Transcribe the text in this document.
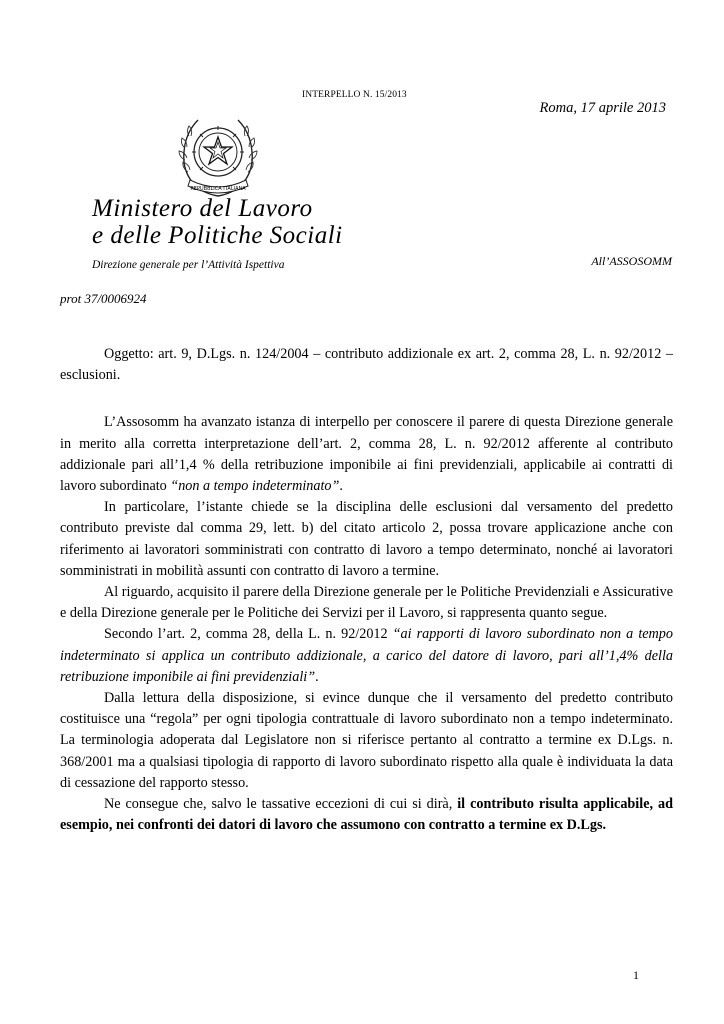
INTERPELLO N. 15/2013
Roma, 17 aprile 2013
REPUBBLICA ITALIANA
Ministero del Lavoro
e delle Politiche Sociali
Direzione generale per l’Attività Ispettiva	All’ASSOSOMM
prot 37/0006924

Oggetto: art. 9, D.Lgs. n. 124/2004 – contributo addizionale ex art. 2, comma 28, L. n. 92/2012 – esclusioni.

L’Assosomm ha avanzato istanza di interpello per conoscere il parere di questa Direzione generale in merito alla corretta interpretazione dell’art. 2, comma 28, L. n. 92/2012 afferente al contributo addizionale pari all’1,4 % della retribuzione imponibile ai fini previdenziali, applicabile ai contratti di lavoro subordinato “non a tempo indeterminato”.

In particolare, l’istante chiede se la disciplina delle esclusioni dal versamento del predetto contributo previste dal comma 29, lett. b) del citato articolo 2, possa trovare applicazione anche con riferimento ai lavoratori somministrati con contratto di lavoro a tempo determinato, nonché ai lavoratori somministrati in mobilità assunti con contratto di lavoro a termine.

Al riguardo, acquisito il parere della Direzione generale per le Politiche Previdenziali e Assicurative e della Direzione generale per le Politiche dei Servizi per il Lavoro, si rappresenta quanto segue.

Secondo l’art. 2, comma 28, della L. n. 92/2012 “ai rapporti di lavoro subordinato non a tempo indeterminato si applica un contributo addizionale, a carico del datore di lavoro, pari all’1,4% della retribuzione imponibile ai fini previdenziali”.

Dalla lettura della disposizione, si evince dunque che il versamento del predetto contributo costituisce una “regola” per ogni tipologia contrattuale di lavoro subordinato non a tempo indeterminato. La terminologia adoperata dal Legislatore non si riferisce pertanto al contratto a termine ex D.Lgs. n. 368/2001 ma a qualsiasi tipologia di rapporto di lavoro subordinato rispetto alla quale è individuata la data di cessazione del rapporto stesso.

Ne consegue che, salvo le tassative eccezioni di cui si dirà, il contributo risulta applicabile, ad esempio, nei confronti dei datori di lavoro che assumono con contratto a termine ex D.Lgs.

1
